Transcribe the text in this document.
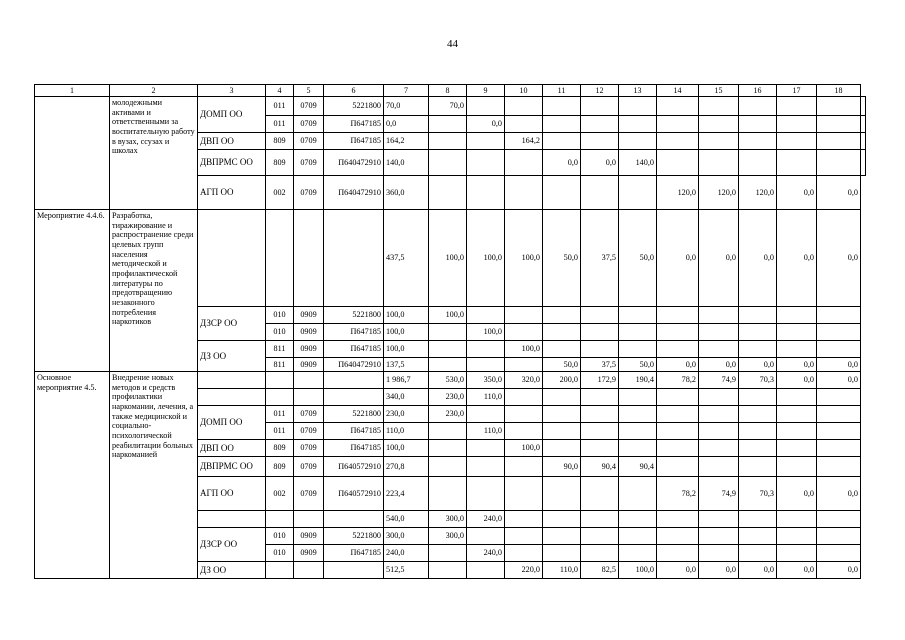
44
1	2	3	4	5	6	7	8	9	10	11	12	13	14	15	16	17	18	
	молодежными активами и ответственными за воспитательную работу в вузах, ссузах и школах	ДОМП ОО	011	0709	5221800	70,0	70,0											
			011	0709	П647185	0,0		0,0										
		ДВП ОО	809	0709	П647185	164,2			164,2									
		ДВПРМС ОО	809	0709	П640472910	140,0				0,0	0,0	140,0						
		АГП ОО	002	0709	П640472910	360,0							120,0	120,0	120,0	0,0	0,0	
Мероприятие 4.4.6.	Разработка, тиражирование и распространение среди целевых групп населения методической и профилактической литературы по предотвращению незаконного потребления наркотиков					437,5	100,0	100,0	100,0	50,0	37,5	50,0	0,0	0,0	0,0	0,0	0,0	
		ДЗСР ОО	010	0909	5221800	100,0	100,0											
			010	0909	П647185	100,0		100,0										
		ДЗ ОО	811	0909	П647185	100,0			100,0									
			811	0909	П640472910	137,5				50,0	37,5	50,0	0,0	0,0	0,0	0,0	0,0	
Основное мероприятие 4.5.	Внедрение новых методов и средств профилактики наркомании, лечения, а также медицинской и социально-психологической реабилитации больных наркоманией					1 986,7	530,0	350,0	320,0	200,0	172,9	190,4	78,2	74,9	70,3	0,0	0,0	
						340,0	230,0	110,0										
		ДОМП ОО	011	0709	5221800	230,0	230,0											
			011	0709	П647185	110,0		110,0										
		ДВП ОО	809	0709	П647185	100,0			100,0									
		ДВПРМС ОО	809	0709	П640572910	270,8				90,0	90,4	90,4						
		АГП ОО	002	0709	П640572910	223,4							78,2	74,9	70,3	0,0	0,0	
						540,0	300,0	240,0										
		ДЗСР ОО	010	0909	5221800	300,0	300,0											
			010	0909	П647185	240,0		240,0										
		ДЗ ОО				512,5			220,0	110,0	82,5	100,0	0,0	0,0	0,0	0,0	0,0	
